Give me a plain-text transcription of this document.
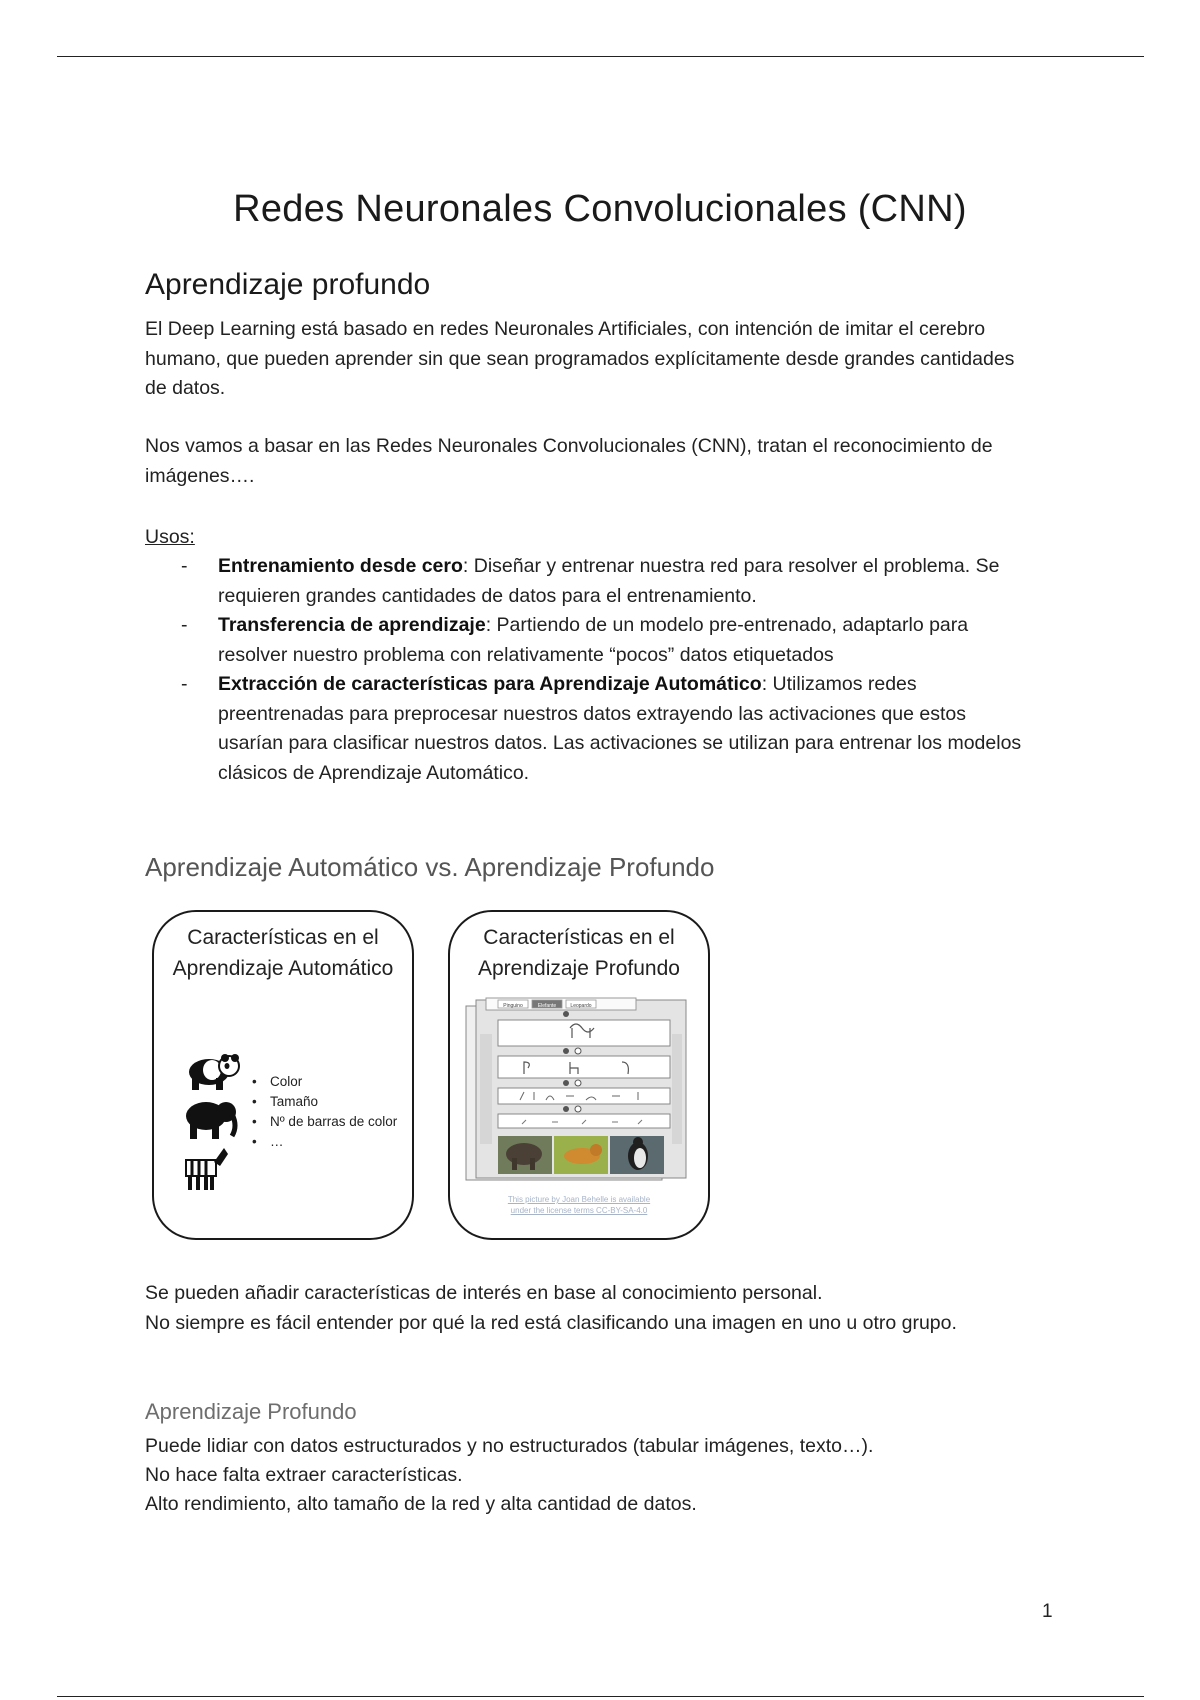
Redes Neuronales Convolucionales (CNN)
Aprendizaje profundo

El Deep Learning está basado en redes Neuronales Artificiales, con intención de imitar el cerebro humano, que pueden aprender sin que sean programados explícitamente desde grandes cantidades de datos.

Nos vamos a basar en las Redes Neuronales Convolucionales (CNN), tratan el reconocimiento de imágenes….

Usos:

- Entrenamiento desde cero: Diseñar y entrenar nuestra red para resolver el problema. Se requieren grandes cantidades de datos para el entrenamiento.
- Transferencia de aprendizaje: Partiendo de un modelo pre-entrenado, adaptarlo para resolver nuestro problema con relativamente “pocos” datos etiquetados
- Extracción de características para Aprendizaje Automático: Utilizamos redes preentrenadas para preprocesar nuestros datos extrayendo las activaciones que estos usarían para clasificar nuestros datos. Las activaciones se utilizan para entrenar los modelos clásicos de Aprendizaje Automático.
Aprendizaje Automático vs. Aprendizaje Profundo
Características en el
Aprendizaje Automático
• Color
• Tamaño
• Nº de barras de color
• …
Características en el
Aprendizaje Profundo
Pinguino	Elefante	Leopardo
This picture by Joan Behelle is available
under the license terms CC-BY-SA-4.0

Se pueden añadir características de interés en base al conocimiento personal.

No siempre es fácil entender por qué la red está clasificando una imagen en uno u otro grupo.

Aprendizaje Profundo

Puede lidiar con datos estructurados y no estructurados (tabular imágenes, texto…).

No hace falta extraer características.

Alto rendimiento, alto tamaño de la red y alta cantidad de datos.

1
